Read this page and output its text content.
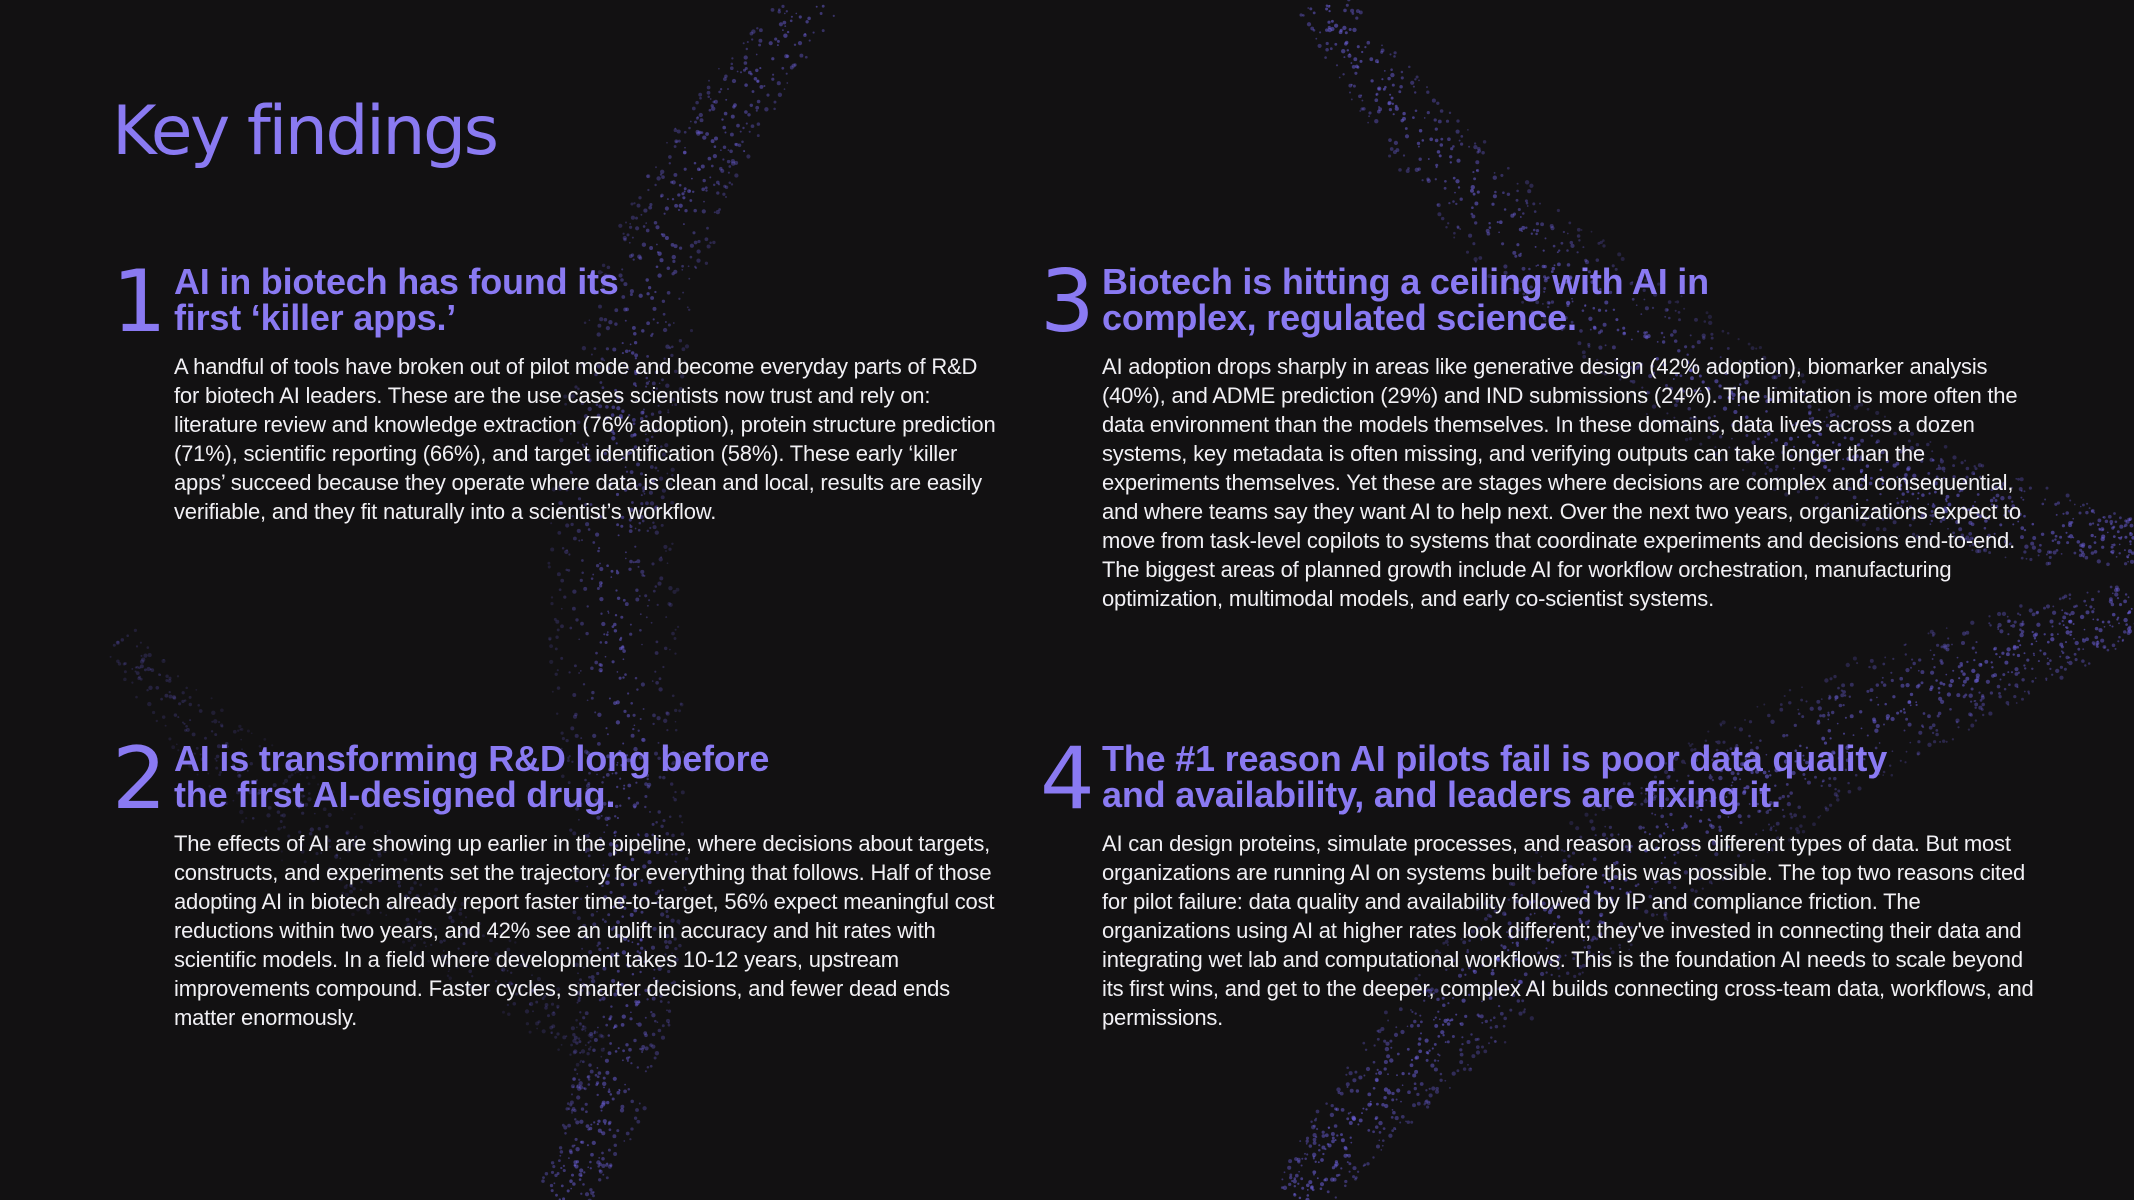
Key findings
1 AI in biotech has found its
first ‘killer apps.’

A handful of tools have broken out of pilot mode and become everyday parts of R&D for biotech AI leaders. These are the use cases scientists now trust and rely on: literature review and knowledge extraction (76% adoption), protein structure prediction (71%), scientific reporting (66%), and target identification (58%). These early ‘killer apps’ succeed because they operate where data is clean and local, results are easily verifiable, and they fit naturally into a scientist’s workflow.

3 Biotech is hitting a ceiling with AI in
complex, regulated science.

AI adoption drops sharply in areas like generative design (42% adoption), biomarker analysis (40%), and ADME prediction (29%) and IND submissions (24%). The limitation is more often the data environment than the models themselves. In these domains, data lives across a dozen systems, key metadata is often missing, and verifying outputs can take longer than the experiments themselves. Yet these are stages where decisions are complex and consequential, and where teams say they want AI to help next. Over the next two years, organizations expect to move from task-level copilots to systems that coordinate experiments and decisions end-to-end. The biggest areas of planned growth include AI for workflow orchestration, manufacturing optimization, multimodal models, and early co-scientist systems.

2 AI is transforming R&D long before
the first AI-designed drug.

The effects of AI are showing up earlier in the pipeline, where decisions about targets, constructs, and experiments set the trajectory for everything that follows. Half of those adopting AI in biotech already report faster time-to-target, 56% expect meaningful cost reductions within two years, and 42% see an uplift in accuracy and hit rates with scientific models. In a field where development takes 10-12 years, upstream improvements compound. Faster cycles, smarter decisions, and fewer dead ends matter enormously.

4 The #1 reason AI pilots fail is poor data quality
and availability, and leaders are fixing it.

AI can design proteins, simulate processes, and reason across different types of data. But most organizations are running AI on systems built before this was possible. The top two reasons cited for pilot failure: data quality and availability followed by IP and compliance friction. The organizations using AI at higher rates look different; they've invested in connecting their data and integrating wet lab and computational workflows. This is the foundation AI needs to scale beyond its first wins, and get to the deeper, complex AI builds connecting cross-team data, workflows, and permissions.
